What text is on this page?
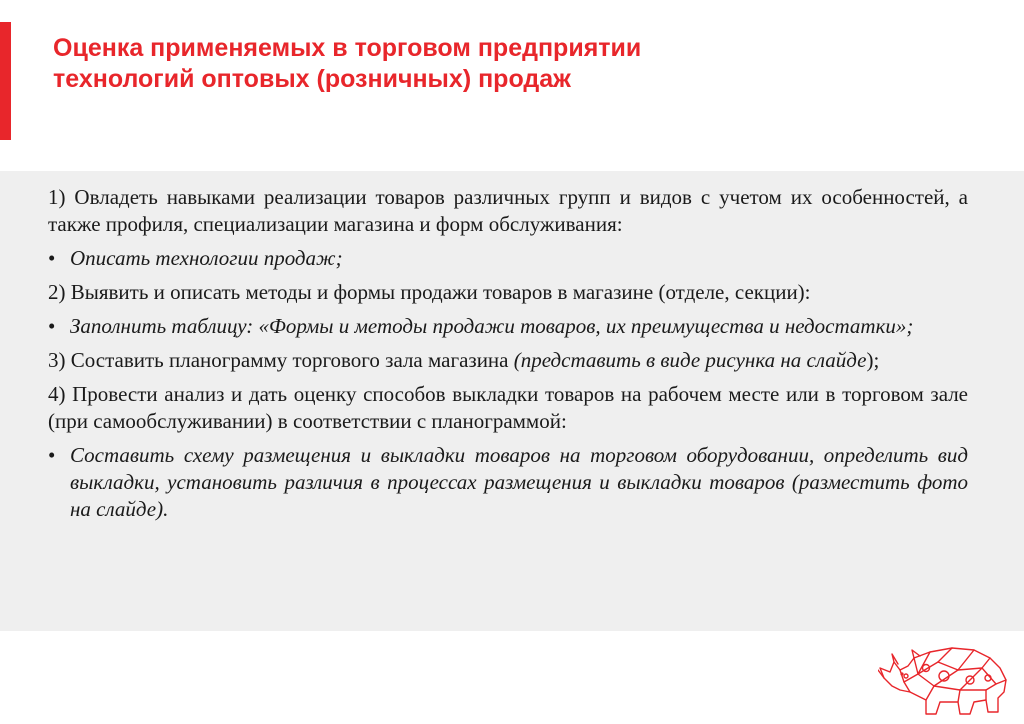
Оценка применяемых в торговом предприятии
технологий оптовых (розничных) продаж

1) Овладеть навыками реализации товаров различных групп и видов с учетом их особенностей, а также профиля, специализации магазина и форм обслуживания:

• Описать технологии продаж;

2) Выявить и описать методы и формы продажи товаров в магазине (отделе, секции):

• Заполнить таблицу: «Формы и методы продажи товаров, их преимущества и недостатки»;

3) Составить планограмму торгового зала магазина (представить в виде рисунка на слайде);

4) Провести анализ и дать оценку способов выкладки товаров на рабочем месте или в торговом зале (при самообслуживании) в соответствии с планограммой:

• Составить схему размещения и выкладки товаров на торговом оборудовании, определить вид выкладки, установить различия в процессах размещения и выкладки товаров (разместить фото на слайде).
